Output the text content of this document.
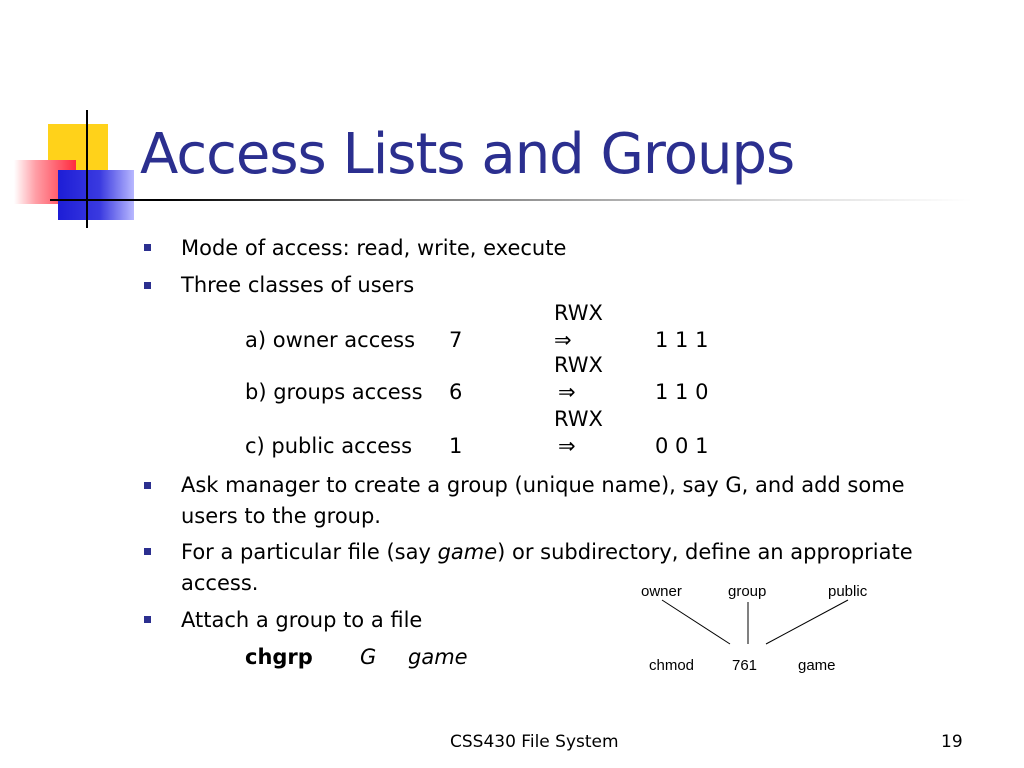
Access Lists and Groups
Mode of access: read, write, execute
Three classes of users
RWX
a) owner access 7	⇒	1 1 1
RWX
b) groups access 6	⇒	1 1 0
RWX
c) public access 1	⇒	0 0 1
Ask manager to create a group (unique name), say G, and add some
users to the group.
For a particular file (say game) or subdirectory, define an appropriate
access.
Attach a group to a file
chgrp G game
owner	group	public
chmod	761	game
CSS430 File System	19
